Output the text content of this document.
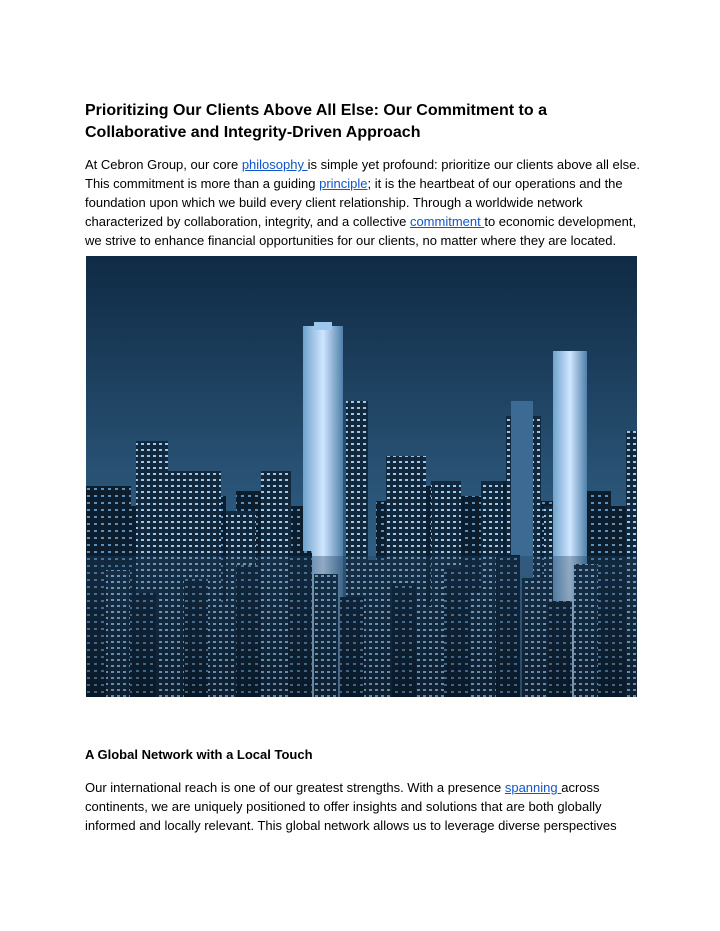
Prioritizing Our Clients Above All Else: Our Commitment to a Collaborative and Integrity-Driven Approach

At Cebron Group, our core philosophy is simple yet profound: prioritize our clients above all else. This commitment is more than a guiding principle; it is the heartbeat of our operations and the foundation upon which we build every client relationship. Through a worldwide network characterized by collaboration, integrity, and a collective commitment to economic development, we strive to enhance financial opportunities for our clients, no matter where they are located.

A Global Network with a Local Touch

Our international reach is one of our greatest strengths. With a presence spanning across continents, we are uniquely positioned to offer insights and solutions that are both globally informed and locally relevant. This global network allows us to leverage diverse perspectives
